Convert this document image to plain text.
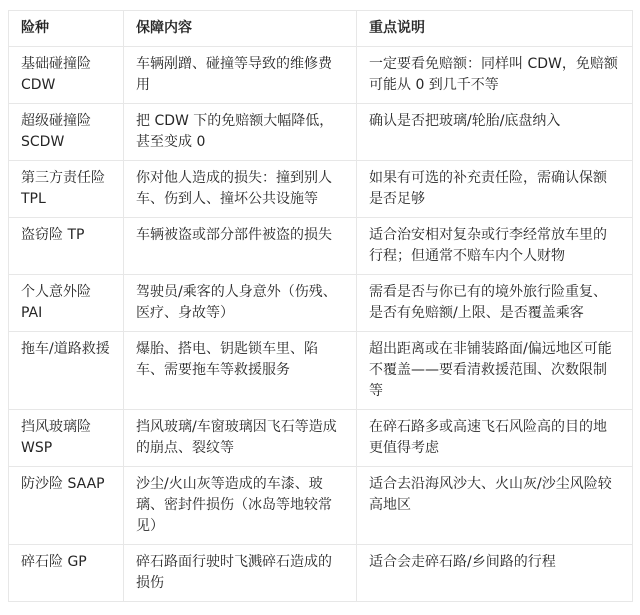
险种	保障内容	重点说明
基础碰撞险 CDW	车辆剐蹭、碰撞等导致的维修费用	一定要看免赔额：同样叫 CDW，免赔额可能从 0 到几千不等
超级碰撞险 SCDW	把 CDW 下的免赔额大幅降低，甚至变成 0	确认是否把玻璃/轮胎/底盘纳入
第三方责任险 TPL	你对他人造成的损失：撞到别人车、伤到人、撞坏公共设施等	如果有可选的补充责任险，需确认保额是否足够
盗窃险 TP	车辆被盗或部分部件被盗的损失	适合治安相对复杂或行李经常放车里的行程；但通常不赔车内个人财物
个人意外险 PAI	驾驶员/乘客的人身意外（伤残、医疗、身故等）	需看是否与你已有的境外旅行险重复、是否有免赔额/上限、是否覆盖乘客
拖车/道路救援	爆胎、搭电、钥匙锁车里、陷车、需要拖车等救援服务	超出距离或在非铺装路面/偏远地区可能不覆盖——要看清救援范围、次数限制等
挡风玻璃险 WSP	挡风玻璃/车窗玻璃因飞石等造成的崩点、裂纹等	在碎石路多或高速飞石风险高的目的地更值得考虑
防沙险 SAAP	沙尘/火山灰等造成的车漆、玻璃、密封件损伤（冰岛等地较常见）	适合去沿海风沙大、火山灰/沙尘风险较高地区
碎石险 GP	碎石路面行驶时飞溅碎石造成的损伤	适合会走碎石路/乡间路的行程
